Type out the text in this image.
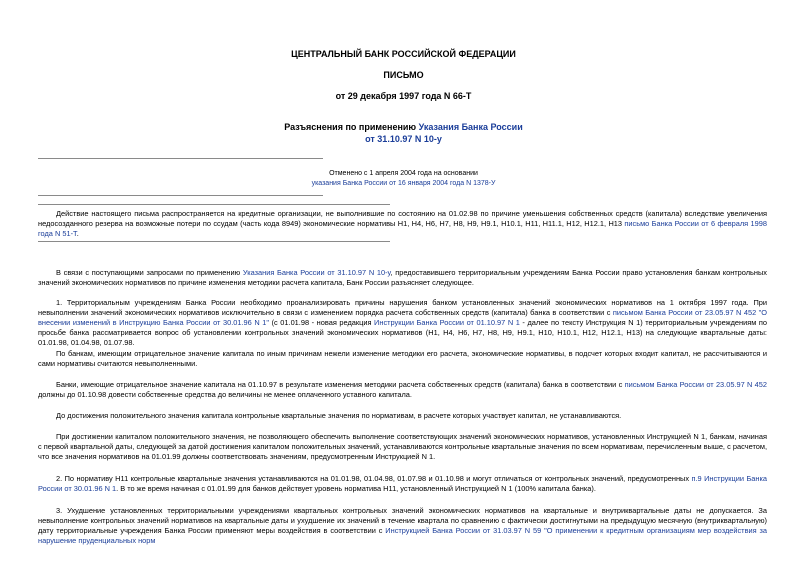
ЦЕНТРАЛЬНЫЙ БАНК РОССИЙСКОЙ ФЕДЕРАЦИИ
ПИСЬМО
от 29 декабря 1997 года N 66-Т
Разъяснения по применению Указания Банка России
от 31.10.97 N 10-у
Отменено с 1 апреля 2004 года на основании
указания Банка России от 16 января 2004 года N 1378-У

Действие настоящего письма распространяется на кредитные организации, не выполнившие по состоянию на 01.02.98 по причине уменьшения собственных средств (капитала) вследствие увеличения недосозданного резерва на возможные потери по ссудам (часть кода 8949) экономические нормативы Н1, Н4, Н6, Н7, Н8, Н9, Н9.1, Н10.1, Н11, Н11.1, Н12, Н12.1, Н13 письмо Банка России от 6 февраля 1998 года N 51-Т.

В связи с поступающими запросами по применению Указания Банка России от 31.10.97 N 10-у, предоставившего территориальным учреждениям Банка России право установления банкам контрольных значений экономических нормативов по причине изменения методики расчета капитала, Банк России разъясняет следующее.

1. Территориальным учреждениям Банка России необходимо проанализировать причины нарушения банком установленных значений экономических нормативов на 1 октября 1997 года. При невыполнении значений экономических нормативов исключительно в связи с изменением порядка расчета собственных средств (капитала) банка в соответствии с письмом Банка России от 23.05.97 N 452 "О внесении изменений в Инструкцию Банка России от 30.01.96 N 1" (с 01.01.98 - новая редакция Инструкции Банка России от 01.10.97 N 1 - далее по тексту Инструкция N 1) территориальным учреждениям по просьбе банка рассматривается вопрос об установлении контрольных значений экономических нормативов (Н1, Н4, Н6, Н7, Н8, Н9, Н9.1, Н10, Н10.1, Н12, Н12.1, Н13) на следующие квартальные даты: 01.01.98, 01.04.98, 01.07.98.

По банкам, имеющим отрицательное значение капитала по иным причинам нежели изменение методики его расчета, экономические нормативы, в подсчет которых входит капитал, не рассчитываются и сами нормативы считаются невыполненными.

Банки, имеющие отрицательное значение капитала на 01.10.97 в результате изменения методики расчета собственных средств (капитала) банка в соответствии с письмом Банка России от 23.05.97 N 452 должны до 01.10.98 довести собственные средства до величины не менее оплаченного уставного капитала.

До достижения положительного значения капитала контрольные квартальные значения по нормативам, в расчете которых участвует капитал, не устанавливаются.

При достижении капиталом положительного значения, не позволяющего обеспечить выполнение соответствующих значений экономических нормативов, установленных Инструкцией N 1, банкам, начиная с первой квартальной даты, следующей за датой достижения капиталом положительных значений, устанавливаются контрольные квартальные значения по всем нормативам, перечисленным выше, с расчетом, что все значения нормативов на 01.01.99 должны соответствовать значениям, предусмотренным Инструкцией N 1.

2. По нормативу Н11 контрольные квартальные значения устанавливаются на 01.01.98, 01.04.98, 01.07.98 и 01.10.98 и могут отличаться от контрольных значений, предусмотренных п.9 Инструкции Банка России от 30.01.96 N 1. В то же время начиная с 01.01.99 для банков действует уровень норматива Н11, установленный Инструкцией N 1 (100% капитала банка).

3. Ухудшение установленных территориальными учреждениями квартальных контрольных значений экономических нормативов на квартальные и внутриквартальные даты не допускается. За невыполнение контрольных значений нормативов на квартальные даты и ухудшение их значений в течение квартала по сравнению с фактически достигнутыми на предыдущую месячную (внутриквартальную) дату территориальные учреждения Банка России применяют меры воздействия в соответствии с Инструкцией Банка России от 31.03.97 N 59 "О применении к кредитным организациям мер воздействия за нарушение пруденциальных норм
